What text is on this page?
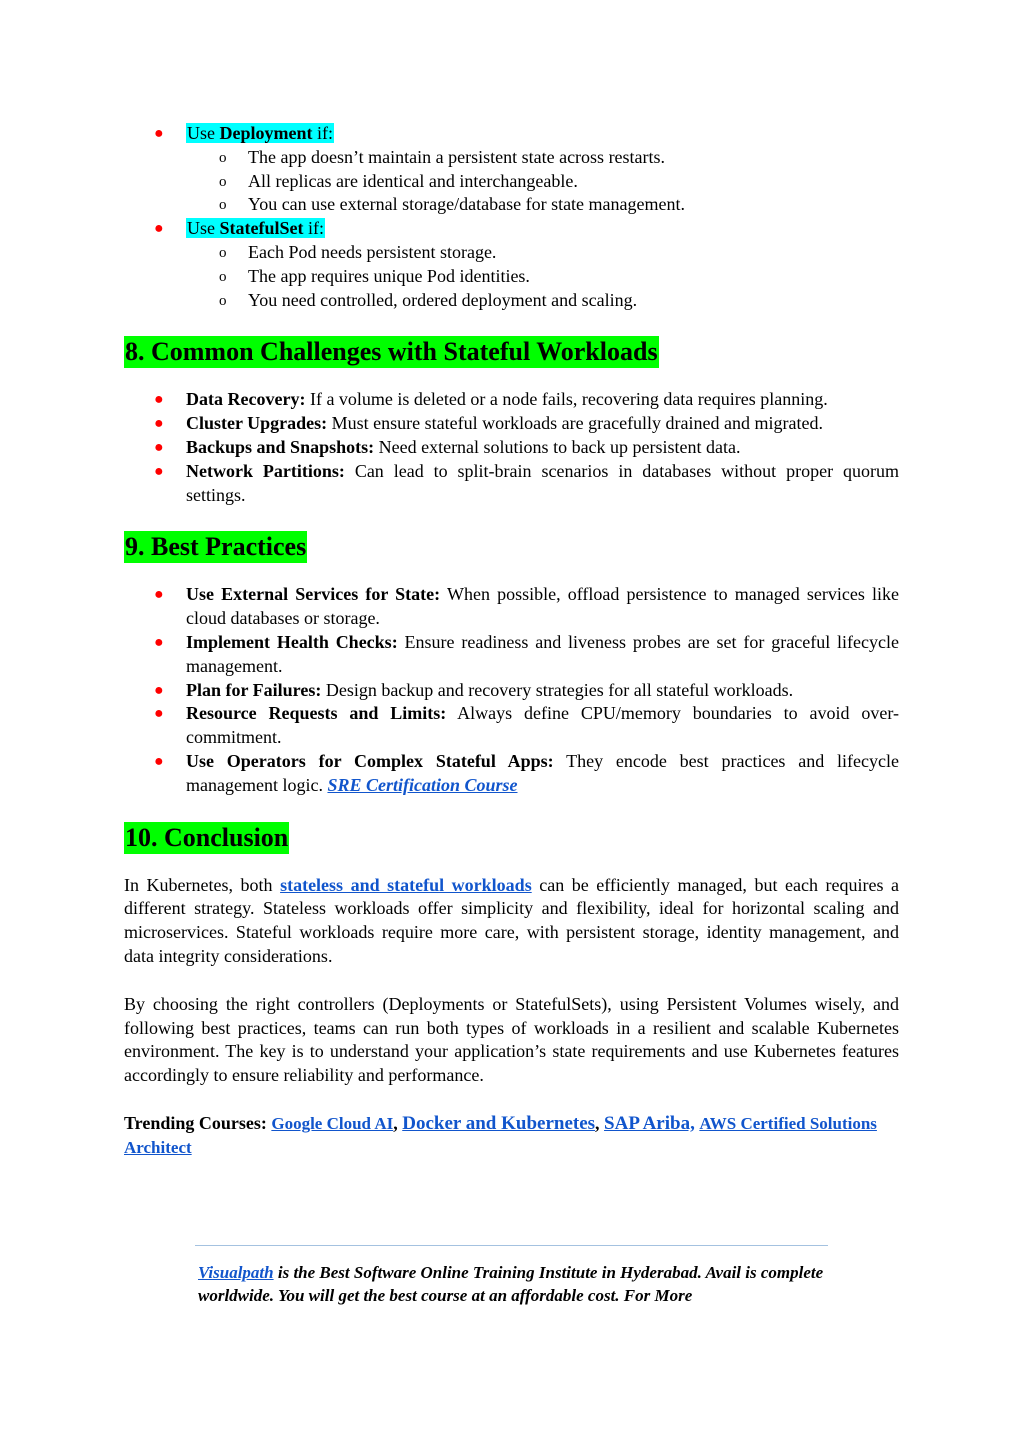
● Use Deployment if:
o The app doesn’t maintain a persistent state across restarts.
o All replicas are identical and interchangeable.
o You can use external storage/database for state management.
● Use StatefulSet if:
o Each Pod needs persistent storage.
o The app requires unique Pod identities.
o You need controlled, ordered deployment and scaling.
8. Common Challenges with Stateful Workloads
● Data Recovery: If a volume is deleted or a node fails, recovering data requires planning.
● Cluster Upgrades: Must ensure stateful workloads are gracefully drained and migrated.
● Backups and Snapshots: Need external solutions to back up persistent data.
● Network Partitions: Can lead to split-brain scenarios in databases without proper quorum settings.
9. Best Practices
● Use External Services for State: When possible, offload persistence to managed services like cloud databases or storage.
● Implement Health Checks: Ensure readiness and liveness probes are set for graceful lifecycle management.
● Plan for Failures: Design backup and recovery strategies for all stateful workloads.
● Resource Requests and Limits: Always define CPU/memory boundaries to avoid over-commitment.
● Use Operators for Complex Stateful Apps: They encode best practices and lifecycle management logic. SRE Certification Course
10. Conclusion

In Kubernetes, both stateless and stateful workloads can be efficiently managed, but each requires a different strategy. Stateless workloads offer simplicity and flexibility, ideal for horizontal scaling and microservices. Stateful workloads require more care, with persistent storage, identity management, and data integrity considerations.

By choosing the right controllers (Deployments or StatefulSets), using Persistent Volumes wisely, and following best practices, teams can run both types of workloads in a resilient and scalable Kubernetes environment. The key is to understand your application’s state requirements and use Kubernetes features accordingly to ensure reliability and performance.

Trending Courses: Google Cloud AI, Docker and Kubernetes, SAP Ariba, AWS Certified Solutions Architect

Visualpath is the Best Software Online Training Institute in Hyderabad. Avail is complete worldwide. You will get the best course at an affordable cost. For More
